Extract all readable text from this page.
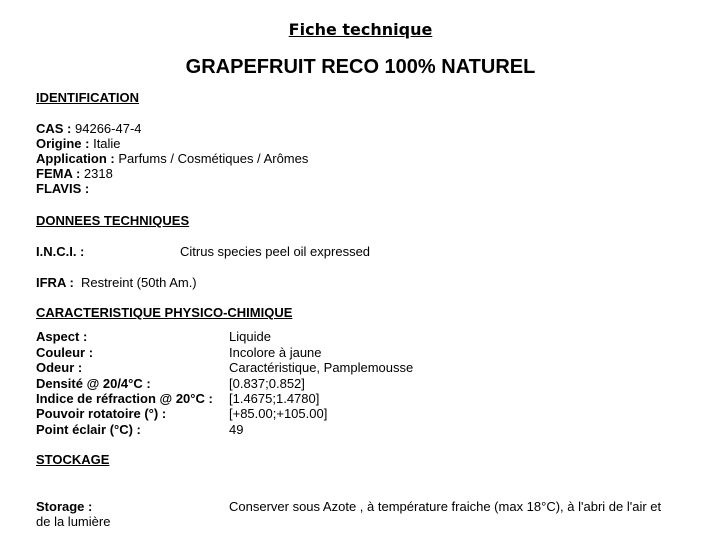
Fiche technique
GRAPEFRUIT RECO 100% NATUREL
IDENTIFICATION
CAS : 94266-47-4
Origine : Italie
Application : Parfums / Cosmétiques / Arômes
FEMA : 2318
FLAVIS :
DONNEES TECHNIQUES
I.N.C.I. :	Citrus species peel oil expressed
IFRA : Restreint (50th Am.)
CARACTERISTIQUE PHYSICO-CHIMIQUE
Aspect :	Liquide
Couleur :	Incolore à jaune
Odeur :	Caractéristique, Pamplemousse
Densité @ 20/4°C :	[0.837;0.852]
Indice de réfraction @ 20°C : [1.4675;1.4780]
Pouvoir rotatoire (°) :	[+85.00;+105.00]
Point éclair (°C) :	49
STOCKAGE
Storage :	Conserver sous Azote , à température fraiche (max 18°C), à l'abri de l'air et
de la lumière
